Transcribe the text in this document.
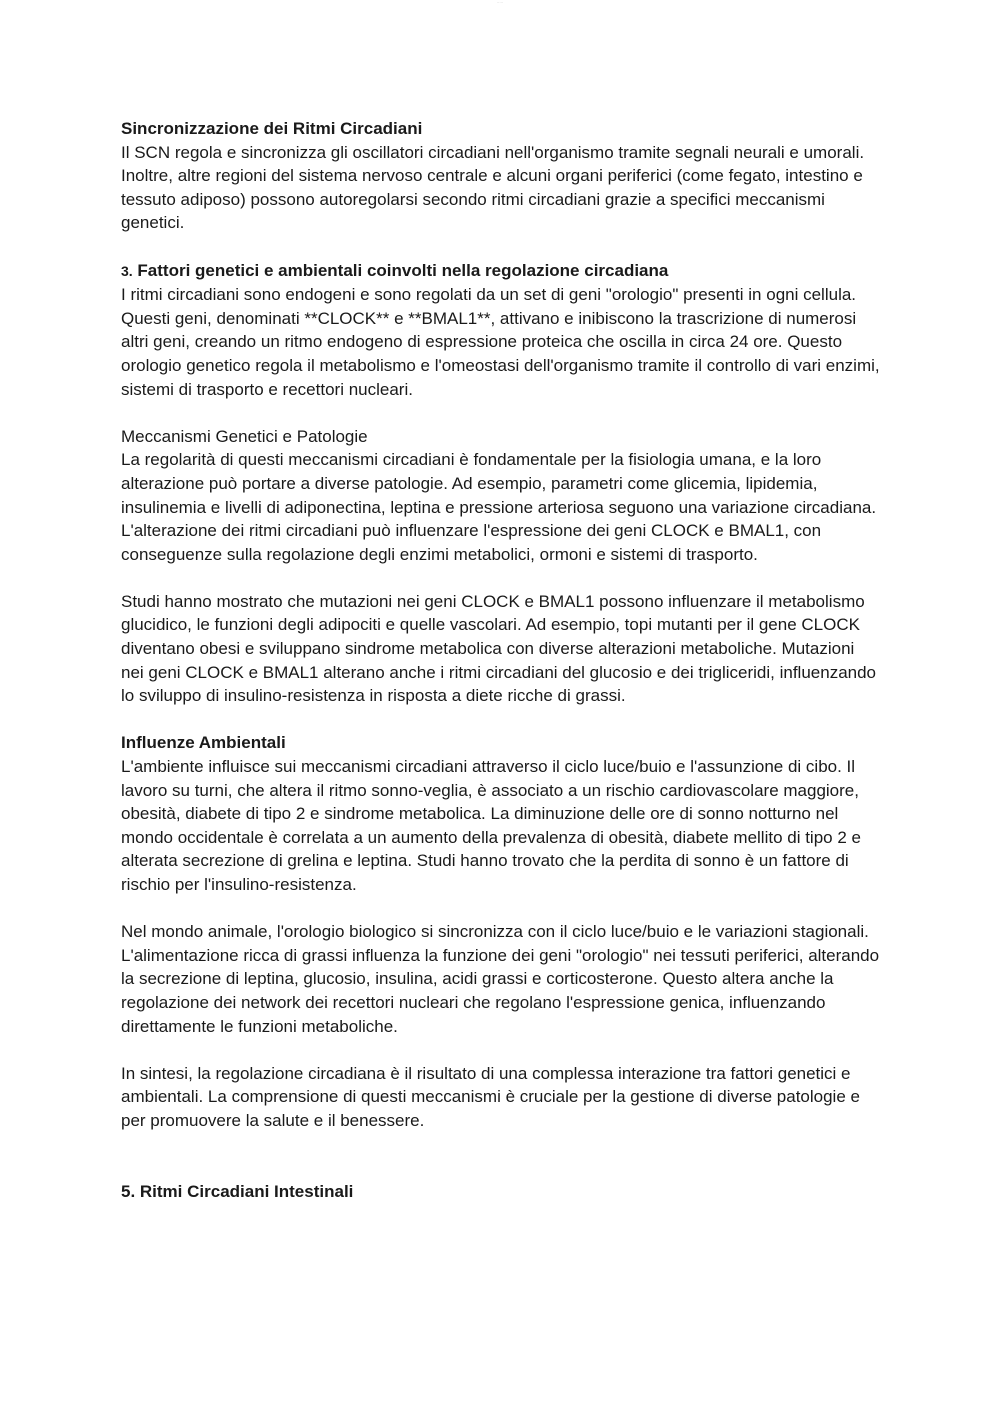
·····

Sincronizzazione dei Ritmi Circadiani

Il SCN regola e sincronizza gli oscillatori circadiani nell'organismo tramite segnali neurali e umorali. Inoltre, altre regioni del sistema nervoso centrale e alcuni organi periferici (come fegato, intestino e tessuto adiposo) possono autoregolarsi secondo ritmi circadiani grazie a specifici meccanismi genetici.

3. Fattori genetici e ambientali coinvolti nella regolazione circadiana

I ritmi circadiani sono endogeni e sono regolati da un set di geni "orologio" presenti in ogni cellula. Questi geni, denominati **CLOCK** e **BMAL1**, attivano e inibiscono la trascrizione di numerosi altri geni, creando un ritmo endogeno di espressione proteica che oscilla in circa 24 ore. Questo orologio genetico regola il metabolismo e l'omeostasi dell'organismo tramite il controllo di vari enzimi, sistemi di trasporto e recettori nucleari.

Meccanismi Genetici e Patologie

La regolarità di questi meccanismi circadiani è fondamentale per la fisiologia umana, e la loro alterazione può portare a diverse patologie. Ad esempio, parametri come glicemia, lipidemia, insulinemia e livelli di adiponectina, leptina e pressione arteriosa seguono una variazione circadiana. L'alterazione dei ritmi circadiani può influenzare l'espressione dei geni CLOCK e BMAL1, con conseguenze sulla regolazione degli enzimi metabolici, ormoni e sistemi di trasporto.

Studi hanno mostrato che mutazioni nei geni CLOCK e BMAL1 possono influenzare il metabolismo glucidico, le funzioni degli adipociti e quelle vascolari. Ad esempio, topi mutanti per il gene CLOCK diventano obesi e sviluppano sindrome metabolica con diverse alterazioni metaboliche. Mutazioni nei geni CLOCK e BMAL1 alterano anche i ritmi circadiani del glucosio e dei trigliceridi, influenzando lo sviluppo di insulino-resistenza in risposta a diete ricche di grassi.

Influenze Ambientali

L'ambiente influisce sui meccanismi circadiani attraverso il ciclo luce/buio e l'assunzione di cibo. Il lavoro su turni, che altera il ritmo sonno-veglia, è associato a un rischio cardiovascolare maggiore, obesità, diabete di tipo 2 e sindrome metabolica. La diminuzione delle ore di sonno notturno nel mondo occidentale è correlata a un aumento della prevalenza di obesità, diabete mellito di tipo 2 e alterata secrezione di grelina e leptina. Studi hanno trovato che la perdita di sonno è un fattore di rischio per l'insulino-resistenza.

Nel mondo animale, l'orologio biologico si sincronizza con il ciclo luce/buio e le variazioni stagionali. L'alimentazione ricca di grassi influenza la funzione dei geni "orologio" nei tessuti periferici, alterando la secrezione di leptina, glucosio, insulina, acidi grassi e corticosterone. Questo altera anche la regolazione dei network dei recettori nucleari che regolano l'espressione genica, influenzando direttamente le funzioni metaboliche.

In sintesi, la regolazione circadiana è il risultato di una complessa interazione tra fattori genetici e ambientali. La comprensione di questi meccanismi è cruciale per la gestione di diverse patologie e per promuovere la salute e il benessere.

5. Ritmi Circadiani Intestinali
